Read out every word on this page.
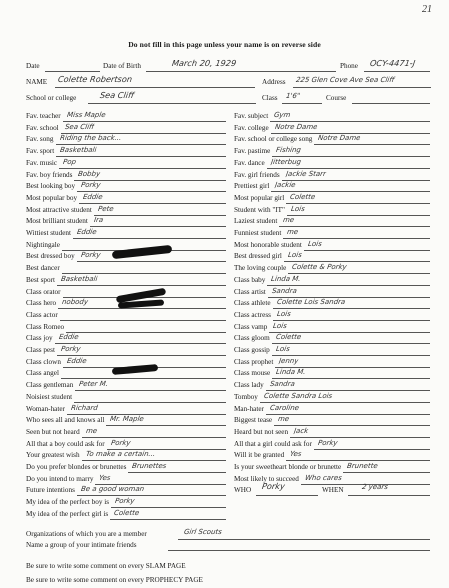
21
Do not fill in this page unless your name is on reverse side
Date	Date of Birth	March 20, 1929	Phone OCY-4471-J
NAME Colette Robertson	Address 225 Glen Cove Ave Sea Cliff
School or college	Sea Cliff	Class 1'6"	Course
Fav. teacher Miss Maple
Fav. school Sea Cliff
Fav. song Riding the back...
Fav. sport Basketball
Fav. music Pop
Fav. boy friends Bobby
Best looking boy Porky
Most popular boy Eddie
Most attractive student Pete
Most brilliant student Ira
Wittiest student Eddie
Nightingale
Best dressed boy Porky
Best dancer
Best sport Basketball
Class orator
Class hero nobody
Class actor
Class Romeo
Class joy Eddie
Class pest Porky
Class clown Eddie
Class angel
Class gentleman Peter M.
Noisiest student
Woman-hater Richard
Who sees all and knows all Mr. Maple
Seen but not heard me
All that a boy could ask for Porky
Your greatest wish To make a certain...
Do you prefer blondes or brunettes Brunettes
Do you intend to marry Yes
Future intentions Be a good woman
My idea of the perfect boy is Porky
My idea of the perfect girl is Colette
Fav. subject Gym
Fav. college Notre Dame
Fav. school or college song Notre Dame
Fav. pastime Fishing
Fav. dance Jitterbug
Fav. girl friends Jackie Starr
Prettiest girl Jackie
Most popular girl Colette
Student with "IT" Lois
Laziest student me
Funniest student me
Most honorable student Lois
Best dressed girl Lois
The loving couple Colette & Porky
Class baby Linda M.
Class artist Sandra
Class athlete Colette Lois Sandra
Class actress Lois
Class vamp Lois
Class gloom Colette
Class gossip Lois
Class prophet Jenny
Class mouse Linda M.
Class lady Sandra
Tomboy Colette Sandra Lois
Man-hater Caroline
Biggest tease me
Heard but not seen Jack
All that a girl could ask for Porky
Will it be granted Yes
Is your sweetheart blonde or brunette Brunette
Most likely to succeed Who cares
WHO Porky	WHEN	2 years
Organizations of which you are a member	Girl Scouts
Name a group of your intimate friends
Be sure to write some comment on every SLAM PAGE
Be sure to write some comment on every PROPHECY PAGE
